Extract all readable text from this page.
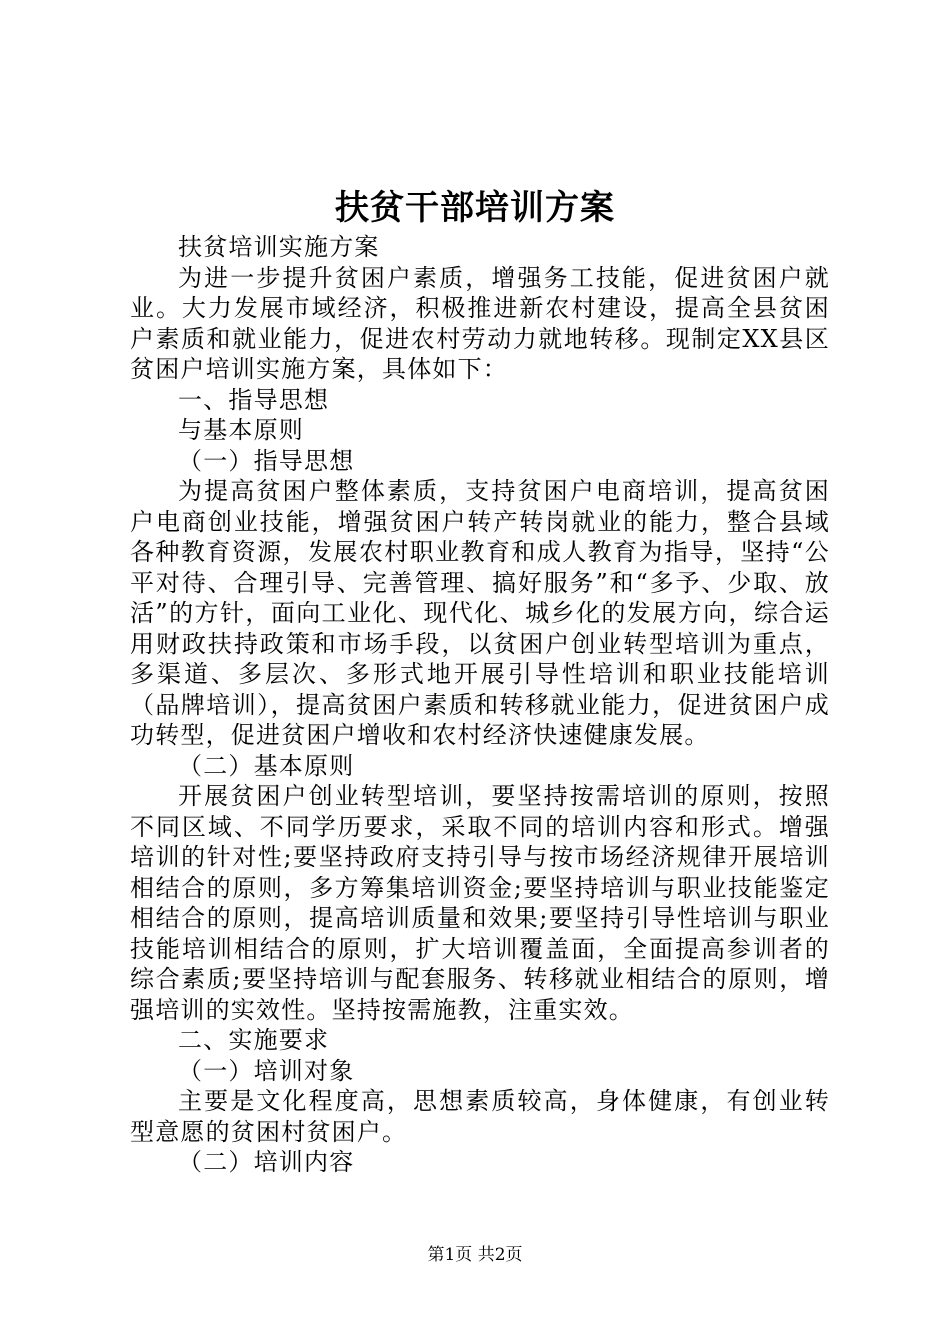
扶贫干部培训方案

扶贫培训实施方案

为进一步提升贫困户素质，增强务工技能，促进贫困户就业。大力发展市域经济，积极推进新农村建设，提高全县贫困户素质和就业能力，促进农村劳动力就地转移。现制定XX县区贫困户培训实施方案，具体如下：

一、指导思想

与基本原则

（一）指导思想

为提高贫困户整体素质，支持贫困户电商培训，提高贫困户电商创业技能，增强贫困户转产转岗就业的能力，整合县域各种教育资源，发展农村职业教育和成人教育为指导，坚持“公平对待、合理引导、完善管理、搞好服务”和“多予、少取、放活”的方针，面向工业化、现代化、城乡化的发展方向，综合运用财政扶持政策和市场手段，以贫困户创业转型培训为重点，多渠道、多层次、多形式地开展引导性培训和职业技能培训（品牌培训），提高贫困户素质和转移就业能力，促进贫困户成功转型，促进贫困户增收和农村经济快速健康发展。

（二）基本原则

开展贫困户创业转型培训，要坚持按需培训的原则，按照不同区域、不同学历要求，采取不同的培训内容和形式。增强培训的针对性;要坚持政府支持引导与按市场经济规律开展培训相结合的原则，多方筹集培训资金;要坚持培训与职业技能鉴定相结合的原则，提高培训质量和效果;要坚持引导性培训与职业技能培训相结合的原则，扩大培训覆盖面，全面提高参训者的综合素质;要坚持培训与配套服务、转移就业相结合的原则，增强培训的实效性。坚持按需施教，注重实效。

二、实施要求

（一）培训对象

主要是文化程度高，思想素质较高，身体健康，有创业转型意愿的贫困村贫困户。

（二）培训内容

第1页 共2页
